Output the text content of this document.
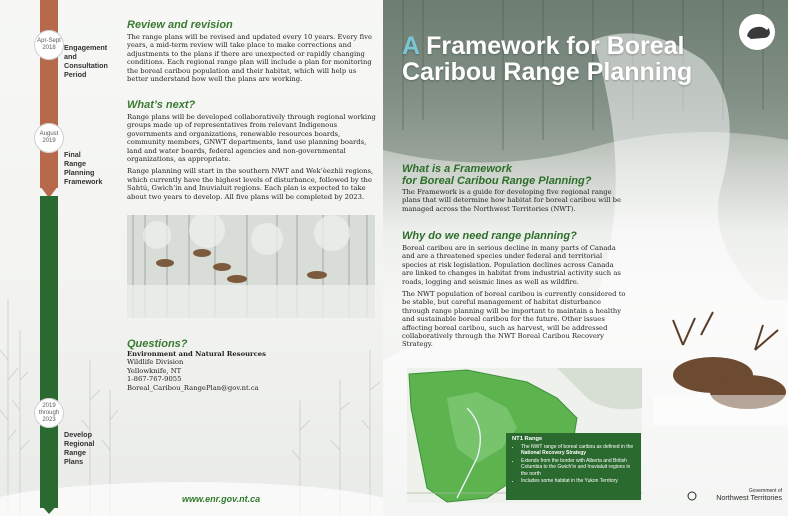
Apr-Sept 2018	Engagement and Consultation Period
August 2019
Final Range Planning Framework
2019 through 2023
Develop Regional Range Plans
Review and revision

The range plans will be revised and updated every 10 years. Every five years, a mid-term review will take place to make corrections and adjustments to the plans if there are unexpected or rapidly changing conditions. Each regional range plan will include a plan for monitoring the boreal caribou population and their habitat, which will help us better understand how well the plans are working.

What’s next?

Range plans will be developed collaboratively through regional working groups made up of representatives from relevant Indigenous governments and organizations, renewable resources boards, community members, GNWT departments, land use planning boards, land and water boards, federal agencies and non-governmental organizations, as appropriate.

Range planning will start in the southern NWT and Wek’èezhìi regions, which currently have the highest levels of disturbance, followed by the Sahtú, Gwich’in and Inuvialuit regions. Each plan is expected to take about two years to develop. All five plans will be completed by 2023.

Questions?

Environment and Natural Resources

Wildlife Division

Yellowknife, NT

1-867-767-9055

Boreal_Caribou_RangePlan@gov.nt.ca

www.enr.gov.nt.ca
A Framework for Boreal Caribou Range Planning
What is a Framework
for Boreal Caribou Range Planning?

The Framework is a guide for developing five regional range plans that will determine how habitat for boreal caribou will be managed across the Northwest Territories (NWT).

Why do we need range planning?

Boreal caribou are in serious decline in many parts of Canada and are a threatened species under federal and territorial species at risk legislation. Population declines across Canada are linked to changes in habitat from industrial activity such as roads, logging and seismic lines as well as wildfire.

The NWT population of boreal caribou is currently considered to be stable, but careful management of habitat disturbance through range planning will be important to maintain a healthy and sustainable boreal caribou for the future. Other issues affecting boreal caribou, such as harvest, will be addressed collaboratively through the NWT Boreal Caribou Recovery Strategy.

NT1 Range
• The NWT range of boreal caribou as defined in the National Recovery Strategy
• Extends from the border with Alberta and British Columbia to the Gwich’in and Inuvialuit regions in the north
• Includes some habitat in the Yukon Territory
Government of
Northwest Territories
